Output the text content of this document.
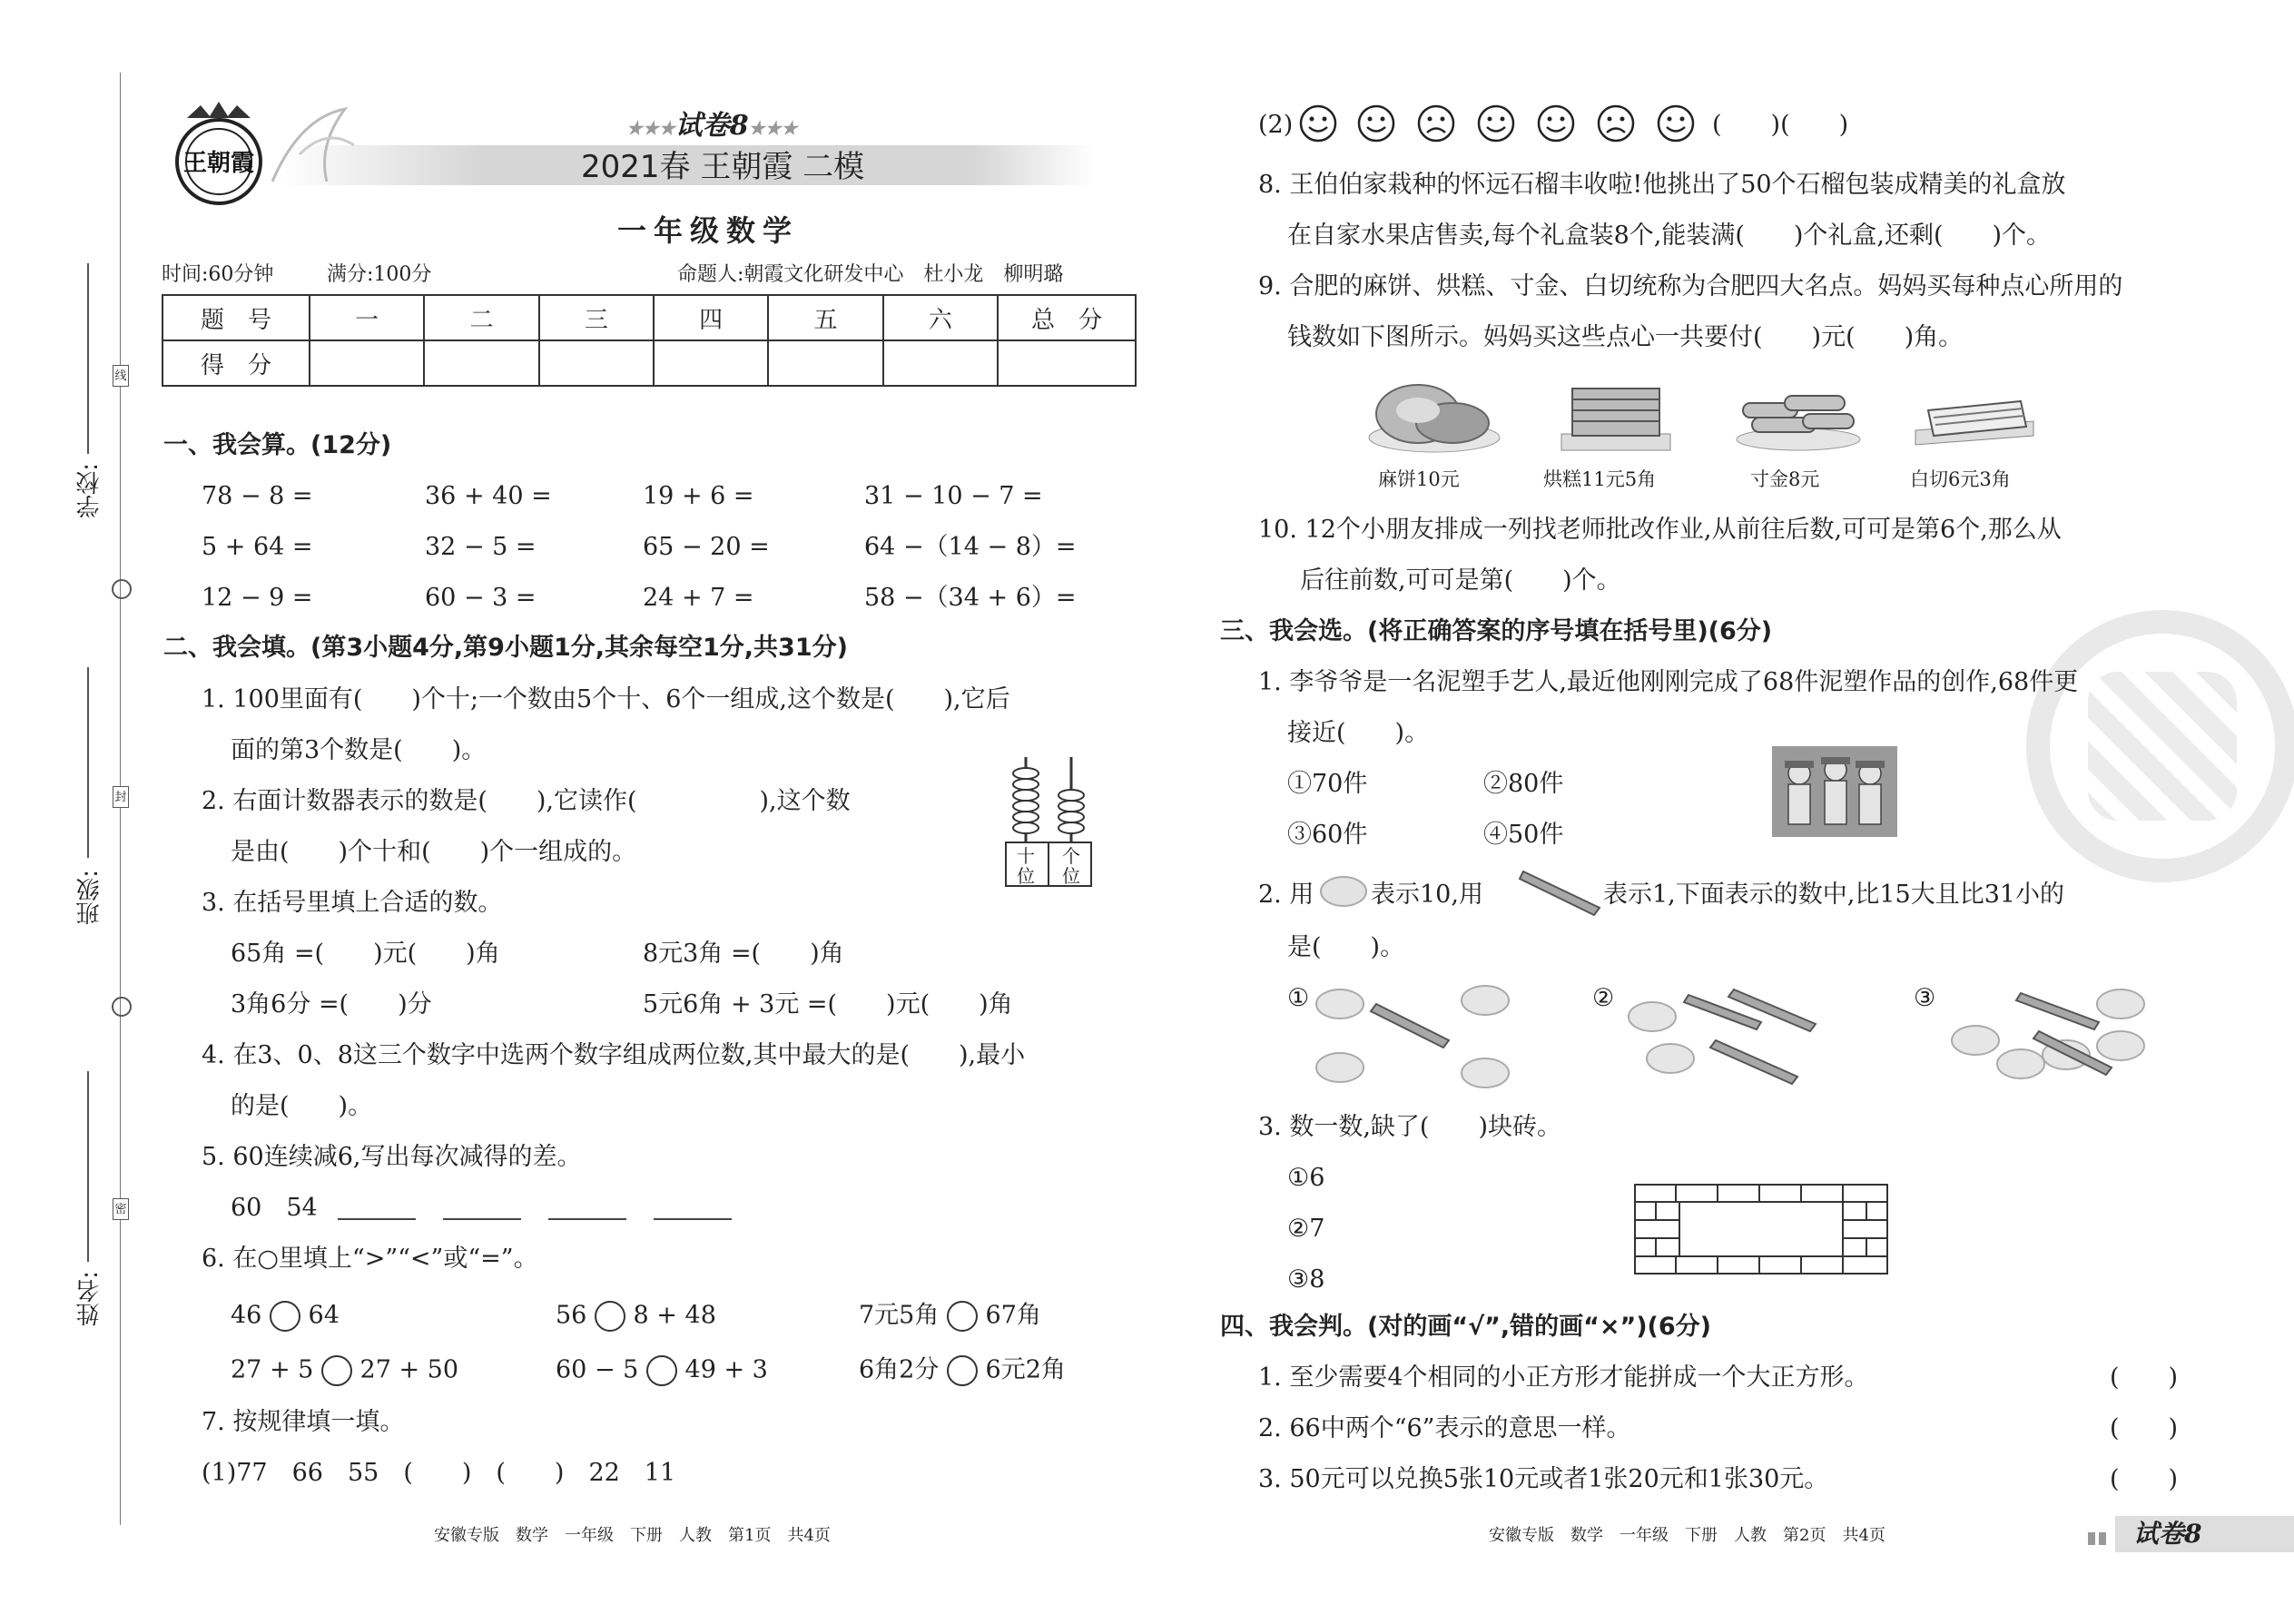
线
封
密
学校:
班级:
姓名:
王朝霞
★★★试卷8★★★
2021春 王朝霞 二模
一年级数学
时间:60分钟	满分:100分	命题人:朝霞文化研发中心　杜小龙　柳明璐
题　号	一	二	三	四	五	六	总　分
得　分							
一、我会算。(12分)
78 − 8 =	36 + 40 =	19 + 6 =	31 − 10 − 7 =
5 + 64 =	32 − 5 =	65 − 20 =	64 −（14 − 8）=
12 − 9 =	60 − 3 =	24 + 7 =	58 −（34 + 6）=
二、我会填。(第3小题4分,第9小题1分,其余每空1分,共31分)
1. 100里面有(　　)个十;一个数由5个十、6个一组成,这个数是(　　),它后
面的第3个数是(　　)。
2. 右面计数器表示的数是(　　),它读作(　　　　　),这个数
是由(　　)个十和(　　)个一组成的。	十位
个位
3. 在括号里填上合适的数。
65角 =(　　)元(　　)角	8元3角 =(　　)角
3角6分 =(　　)分	5元6角 + 3元 =(　　)元(　　)角
4. 在3、0、8这三个数字中选两个数字组成两位数,其中最大的是(　　),最小
的是(　　)。
5. 60连续减6,写出每次减得的差。
60　54
6. 在○里填上“>”“<”或“=”。
46 64	56 8 + 48	7元5角 67角
27 + 5 27 + 50	60 − 5 49 + 3	6角2分 6元2角
7. 按规律填一填。
(1)77　66　55　(　　)　(　　)　22　11
安徽专版　数学　一年级　下册　人教　第1页　共4页
(2)	(　　)(　　)
8. 王伯伯家栽种的怀远石榴丰收啦!他挑出了50个石榴包装成精美的礼盒放
在自家水果店售卖,每个礼盒装8个,能装满(　　)个礼盒,还剩(　　)个。
9. 合肥的麻饼、烘糕、寸金、白切统称为合肥四大名点。妈妈买每种点心所用的
钱数如下图所示。妈妈买这些点心一共要付(　　)元(　　)角。
麻饼10元	烘糕11元5角	寸金8元	白切6元3角
10. 12个小朋友排成一列找老师批改作业,从前往后数,可可是第6个,那么从
后往前数,可可是第(　　)个。
三、我会选。(将正确答案的序号填在括号里)(6分)
1. 李爷爷是一名泥塑手艺人,最近他刚刚完成了68件泥塑作品的创作,68件更
接近(　　)。
①70件	②80件
③60件	④50件
2. 用 表示10,用	表示1,下面表示的数中,比15大且比31小的
是(　　)。
①	②	③
3. 数一数,缺了(　　)块砖。
①6
②7
③8
四、我会判。(对的画“√”,错的画“×”)(6分)
1. 至少需要4个相同的小正方形才能拼成一个大正方形。	(　　)
2. 66中两个“6”表示的意思一样。	(　　)
3. 50元可以兑换5张10元或者1张20元和1张30元。	(　　)
安徽专版　数学　一年级　下册　人教　第2页　共4页	试卷8
